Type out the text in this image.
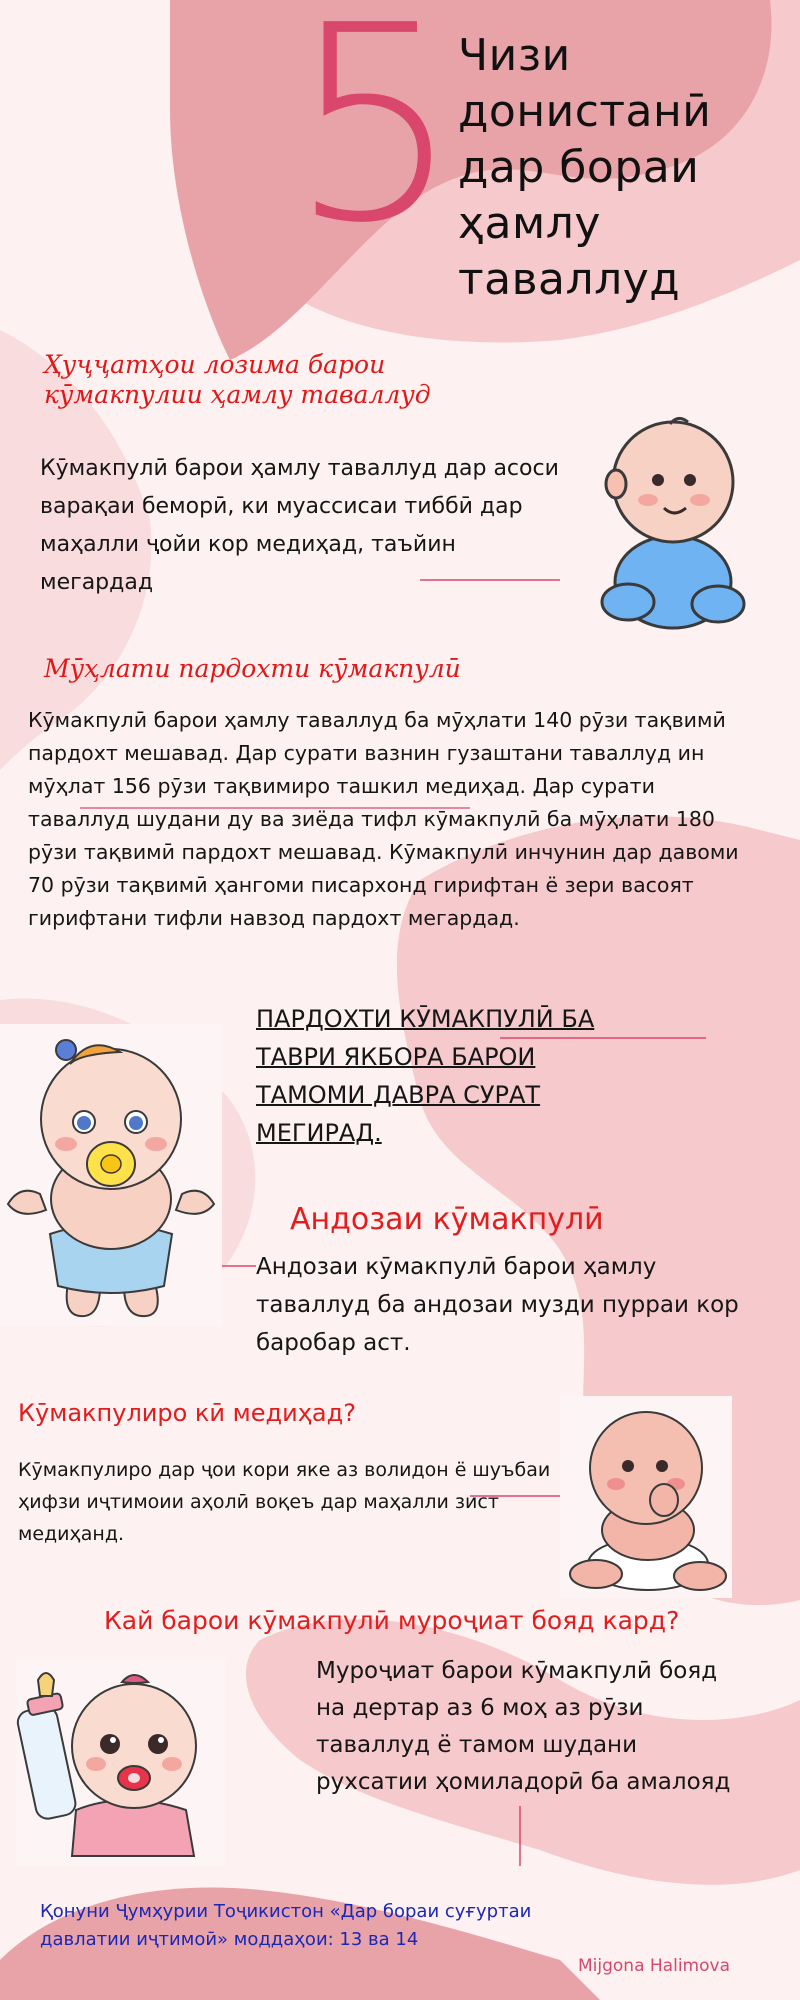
5
Чизи
донистанӣ
дар бораи
ҳамлу
таваллуд
Ҳуҷҷатҳои лозима барои кӯмакпулии ҳамлу таваллуд
Кӯмакпулӣ барои ҳамлу таваллуд дар асоси варақаи беморӣ, ки муассисаи тиббӣ дар маҳалли ҷойи кор медиҳад, таъйин мегардад
Мӯҳлати пардохти кӯмакпулӣ
Кӯмакпулӣ барои ҳамлу таваллуд ба мӯҳлати 140 рӯзи тақвимӣ пардохт мешавад. Дар сурати вазнин гузаштани таваллуд ин мӯҳлат 156 рӯзи тақвимиро ташкил медиҳад. Дар сурати таваллуд шудани ду ва зиёда тифл кӯмакпулӣ ба мӯҳлати 180 рӯзи тақвимӣ пардохт мешавад. Кӯмакпулӣ инчунин дар давоми 70 рӯзи тақвимӣ ҳангоми писархонд гирифтан ё зери васоят гирифтани тифли навзод пардохт мегардад.
ПАРДОХТИ КӮМАКПУЛӢ БА
ТАВРИ ЯКБОРА БАРОИ
ТАМОМИ ДАВРА СУРАТ
МЕГИРАД.
Андозаи кӯмакпулӣ
Андозаи кӯмакпулӣ барои ҳамлу таваллуд ба андозаи музди пурраи кор баробар аст.
Кӯмакпулиро кӣ медиҳад?
Кӯмакпулиро дар ҷои кори яке аз волидон ё шуъбаи ҳифзи иҷтимоии аҳолӣ воқеъ дар маҳалли зист медиҳанд.
Кай барои кӯмакпулӣ муроҷиат бояд кард?
Муроҷиат барои кӯмакпулӣ бояд
на дертар аз 6 моҳ аз рӯзи
таваллуд ё тамом шудани
рухсатии ҳомиладорӣ ба амалояд
Қонуни Ҷумҳурии Тоҷикистон «Дар бораи суғуртаи давлатии иҷтимоӣ» моддаҳои: 13 ва 14
Mijgona Halimova
